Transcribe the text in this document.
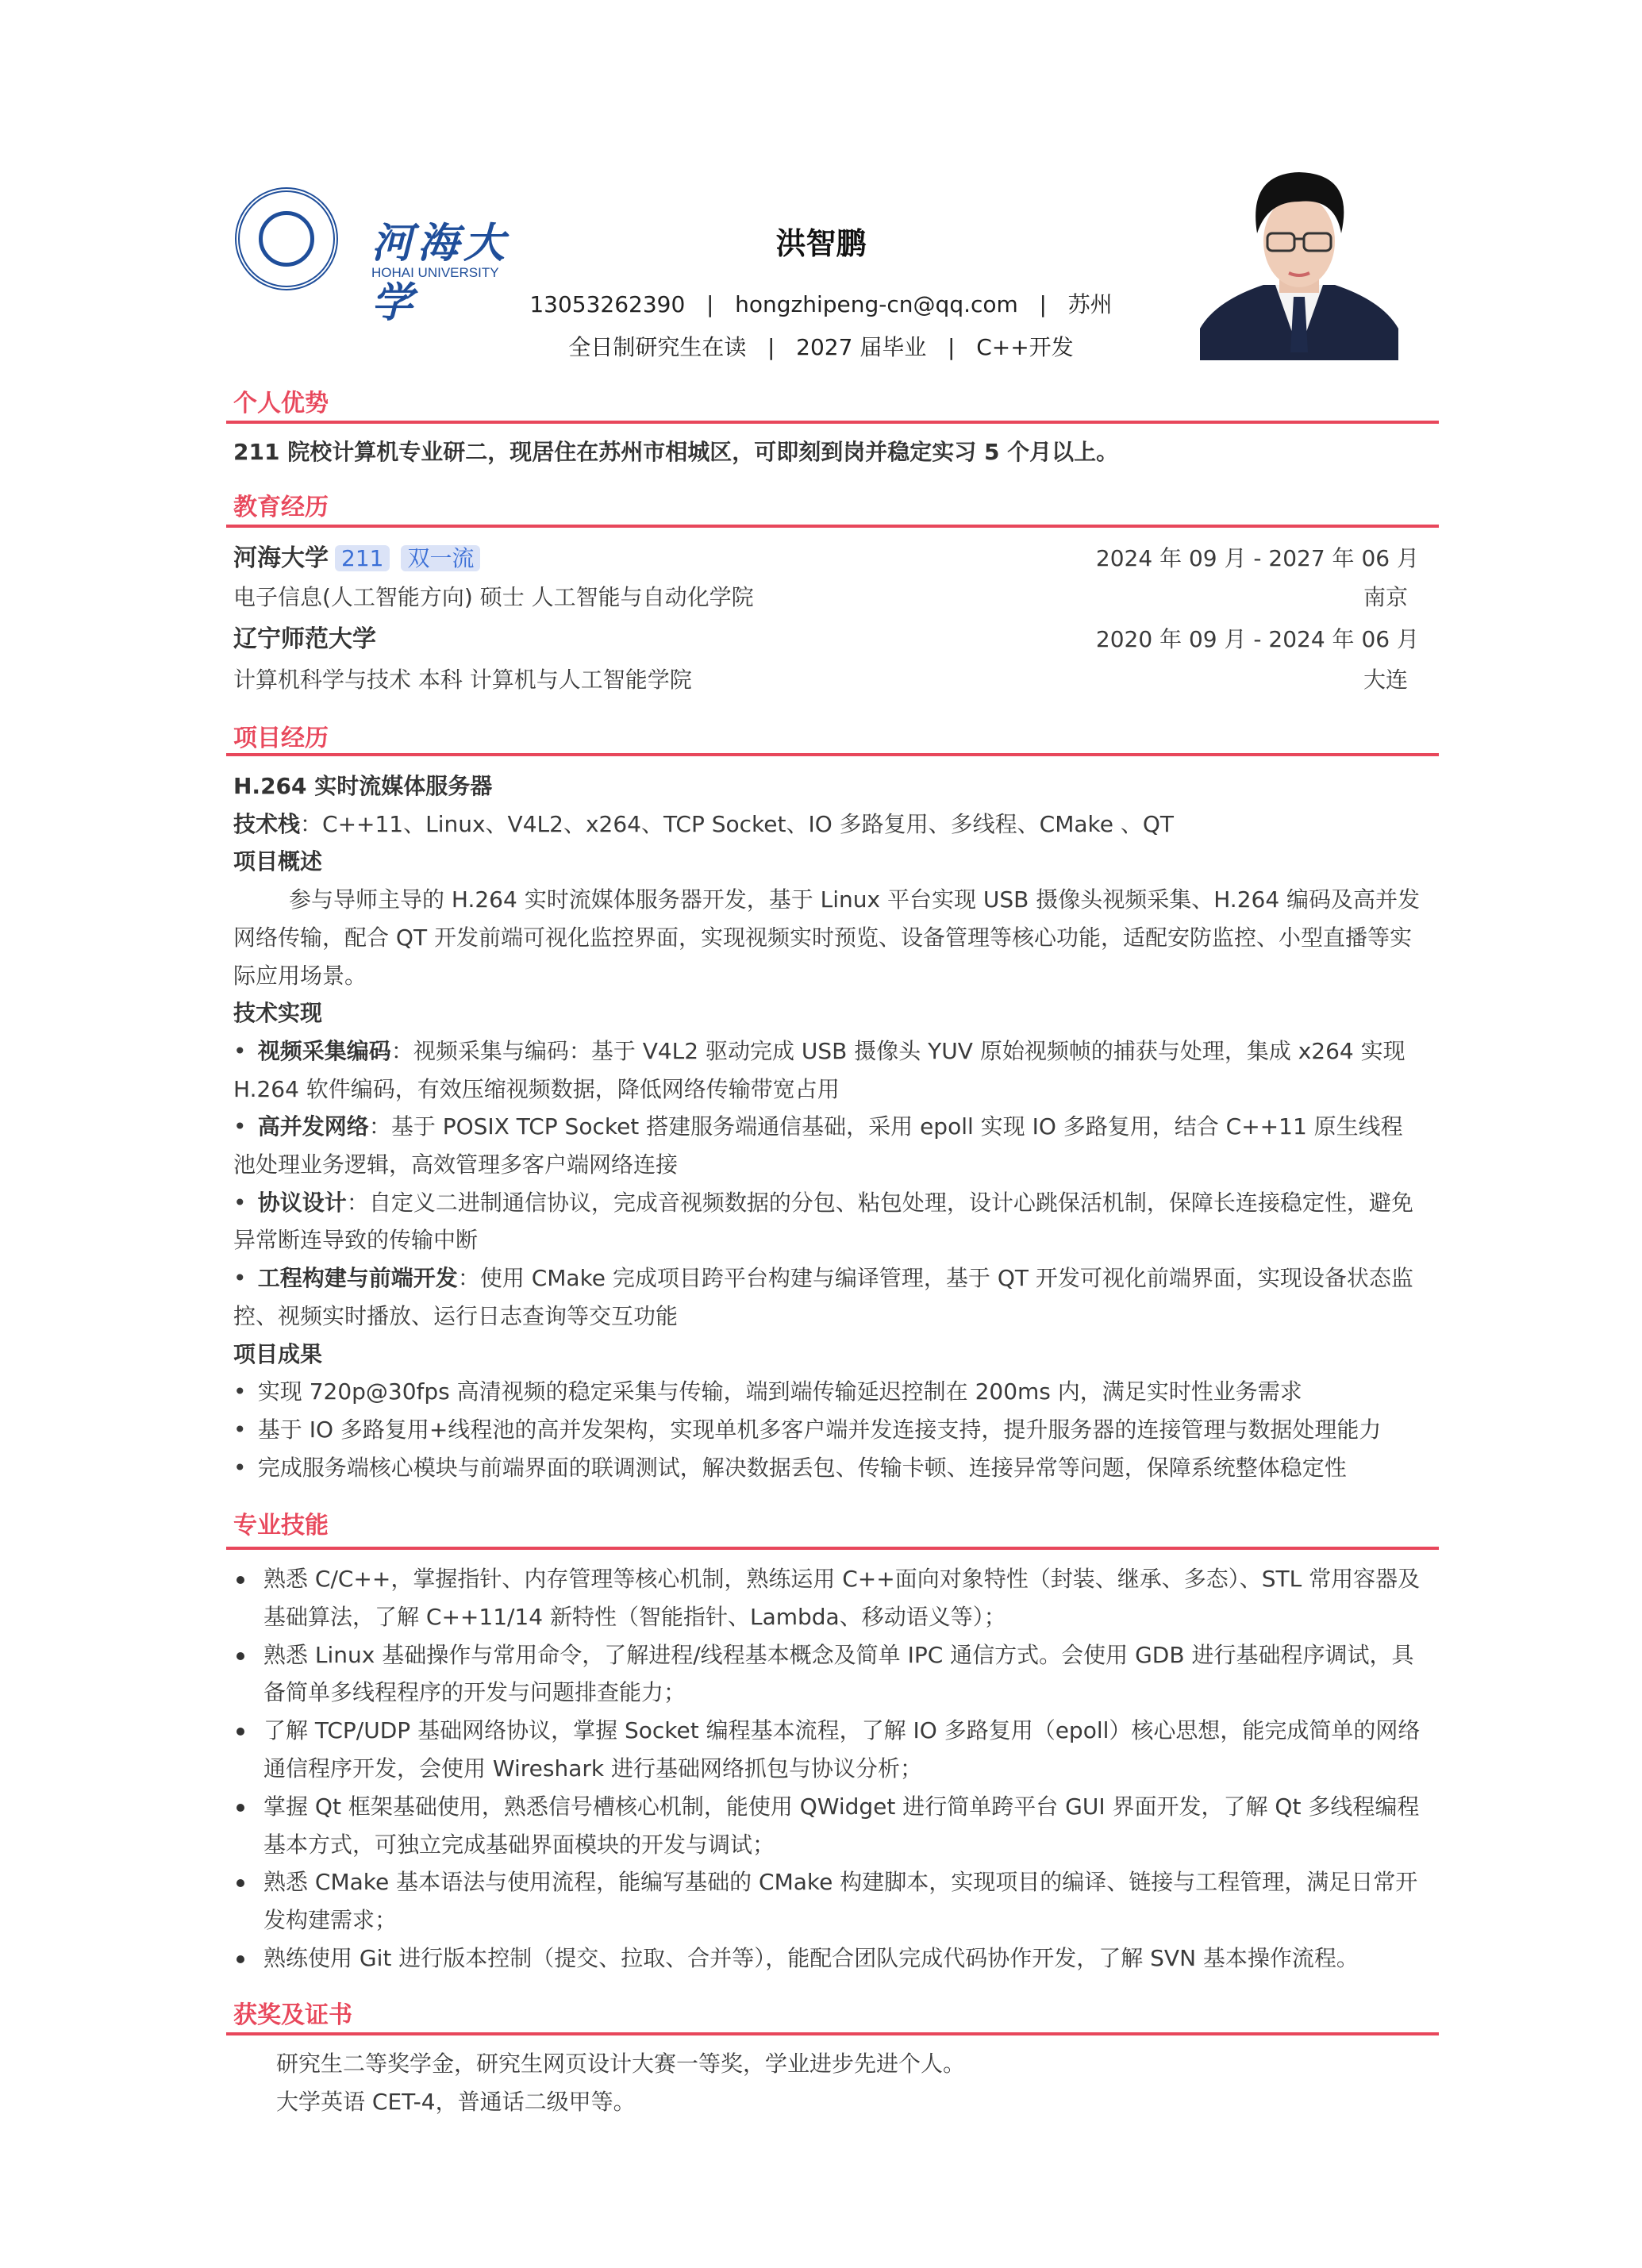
河海大学
HOHAI UNIVERSITY
洪智鹏
13053262390 | hongzhipeng-cn@qq.com | 苏州
全日制研究生在读 | 2027 届毕业 | C++开发
个人优势
211 院校计算机专业研二，现居住在苏州市相城区，可即刻到岗并稳定实习 5 个月以上。
教育经历
河海大学 211 双一流	2024 年 09 月 - 2027 年 06 月
电子信息(人工智能方向) 硕士 人工智能与自动化学院	南京
辽宁师范大学	2020 年 09 月 - 2024 年 06 月
计算机科学与技术 本科 计算机与人工智能学院	大连
项目经历
H.264 实时流媒体服务器
技术栈：C++11、Linux、V4L2、x264、TCP Socket、IO 多路复用、多线程、CMake 、QT
项目概述
参与导师主导的 H.264 实时流媒体服务器开发，基于 Linux 平台实现 USB 摄像头视频采集、H.264 编码及高并发网络传输，配合 QT 开发前端可视化监控界面，实现视频实时预览、设备管理等核心功能，适配安防监控、小型直播等实际应用场景。
技术实现
• 视频采集编码：视频采集与编码：基于 V4L2 驱动完成 USB 摄像头 YUV 原始视频帧的捕获与处理，集成 x264 实现 H.264 软件编码，有效压缩视频数据，降低网络传输带宽占用
• 高并发网络：基于 POSIX TCP Socket 搭建服务端通信基础，采用 epoll 实现 IO 多路复用，结合 C++11 原生线程池处理业务逻辑，高效管理多客户端网络连接
• 协议设计：自定义二进制通信协议，完成音视频数据的分包、粘包处理，设计心跳保活机制，保障长连接稳定性，避免异常断连导致的传输中断
• 工程构建与前端开发：使用 CMake 完成项目跨平台构建与编译管理，基于 QT 开发可视化前端界面，实现设备状态监控、视频实时播放、运行日志查询等交互功能
项目成果
• 实现 720p@30fps 高清视频的稳定采集与传输，端到端传输延迟控制在 200ms 内，满足实时性业务需求
• 基于 IO 多路复用+线程池的高并发架构，实现单机多客户端并发连接支持，提升服务器的连接管理与数据处理能力
• 完成服务端核心模块与前端界面的联调测试，解决数据丢包、传输卡顿、连接异常等问题，保障系统整体稳定性
专业技能
熟悉 C/C++，掌握指针、内存管理等核心机制，熟练运用 C++面向对象特性（封装、继承、多态）、STL 常用容器及基础算法，了解 C++11/14 新特性（智能指针、Lambda、移动语义等）；
熟悉 Linux 基础操作与常用命令，了解进程/线程基本概念及简单 IPC 通信方式。会使用 GDB 进行基础程序调试，具备简单多线程程序的开发与问题排查能力；
了解 TCP/UDP 基础网络协议，掌握 Socket 编程基本流程，了解 IO 多路复用（epoll）核心思想，能完成简单的网络通信程序开发，会使用 Wireshark 进行基础网络抓包与协议分析；
掌握 Qt 框架基础使用，熟悉信号槽核心机制，能使用 QWidget 进行简单跨平台 GUI 界面开发，了解 Qt 多线程编程基本方式，可独立完成基础界面模块的开发与调试；
熟悉 CMake 基本语法与使用流程，能编写基础的 CMake 构建脚本，实现项目的编译、链接与工程管理，满足日常开发构建需求；
熟练使用 Git 进行版本控制（提交、拉取、合并等），能配合团队完成代码协作开发，了解 SVN 基本操作流程。
获奖及证书
研究生二等奖学金，研究生网页设计大赛一等奖，学业进步先进个人。
大学英语 CET-4，普通话二级甲等。
